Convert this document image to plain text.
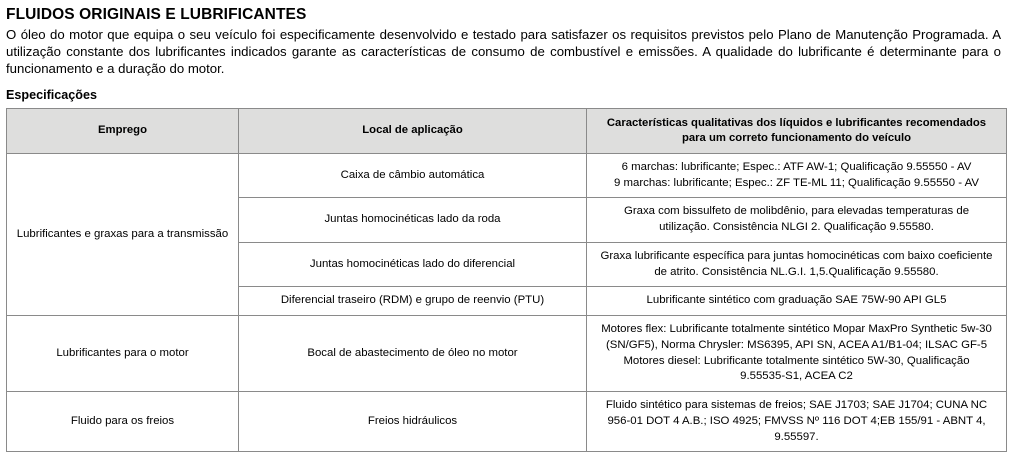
FLUIDOS ORIGINAIS E LUBRIFICANTES

O óleo do motor que equipa o seu veículo foi especificamente desenvolvido e testado para satisfazer os requisitos previstos pelo Plano de Manutenção Programada. A utilização constante dos lubrificantes indicados garante as características de consumo de combustível e emissões. A qualidade do lubrificante é determinante para o funcionamento e a duração do motor.

Especificações
Emprego	Local de aplicação	Características qualitativas dos líquidos e lubrificantes recomendados para um correto funcionamento do veículo
Lubrificantes e graxas para a transmissão	Caixa de câmbio automática	6 marchas: lubrificante; Espec.: ATF AW-1; Qualificação 9.55550 - AV
9 marchas: lubrificante; Espec.: ZF TE-ML 11; Qualificação 9.55550 - AV

	Juntas homocinéticas lado da roda	Graxa com bissulfeto de molibdênio, para elevadas temperaturas de
utilização. Consistência NLGI 2. Qualificação 9.55580.

	Juntas homocinéticas lado do diferencial	Graxa lubrificante específica para juntas homocinéticas com baixo coeficiente
de atrito. Consistência NL.G.I. 1,5.Qualificação 9.55580.

	Diferencial traseiro (RDM) e grupo de reenvio (PTU)	Lubrificante sintético com graduação SAE 75W-90 API GL5

Lubrificantes para o motor	Bocal de abastecimento de óleo no motor	Motores flex: Lubrificante totalmente sintético Mopar MaxPro Synthetic 5w-30
(SN/GF5), Norma Chrysler: MS6395, API SN, ACEA A1/B1-04; ILSAC GF-5
Motores diesel: Lubrificante totalmente sintético 5W-30, Qualificação
9.55535-S1, ACEA C2

Fluido para os freios	Freios hidráulicos	Fluido sintético para sistemas de freios; SAE J1703; SAE J1704; CUNA NC
956-01 DOT 4 A.B.; ISO 4925; FMVSS Nº 116 DOT 4;EB 155/91 - ABNT 4,
9.55597.
